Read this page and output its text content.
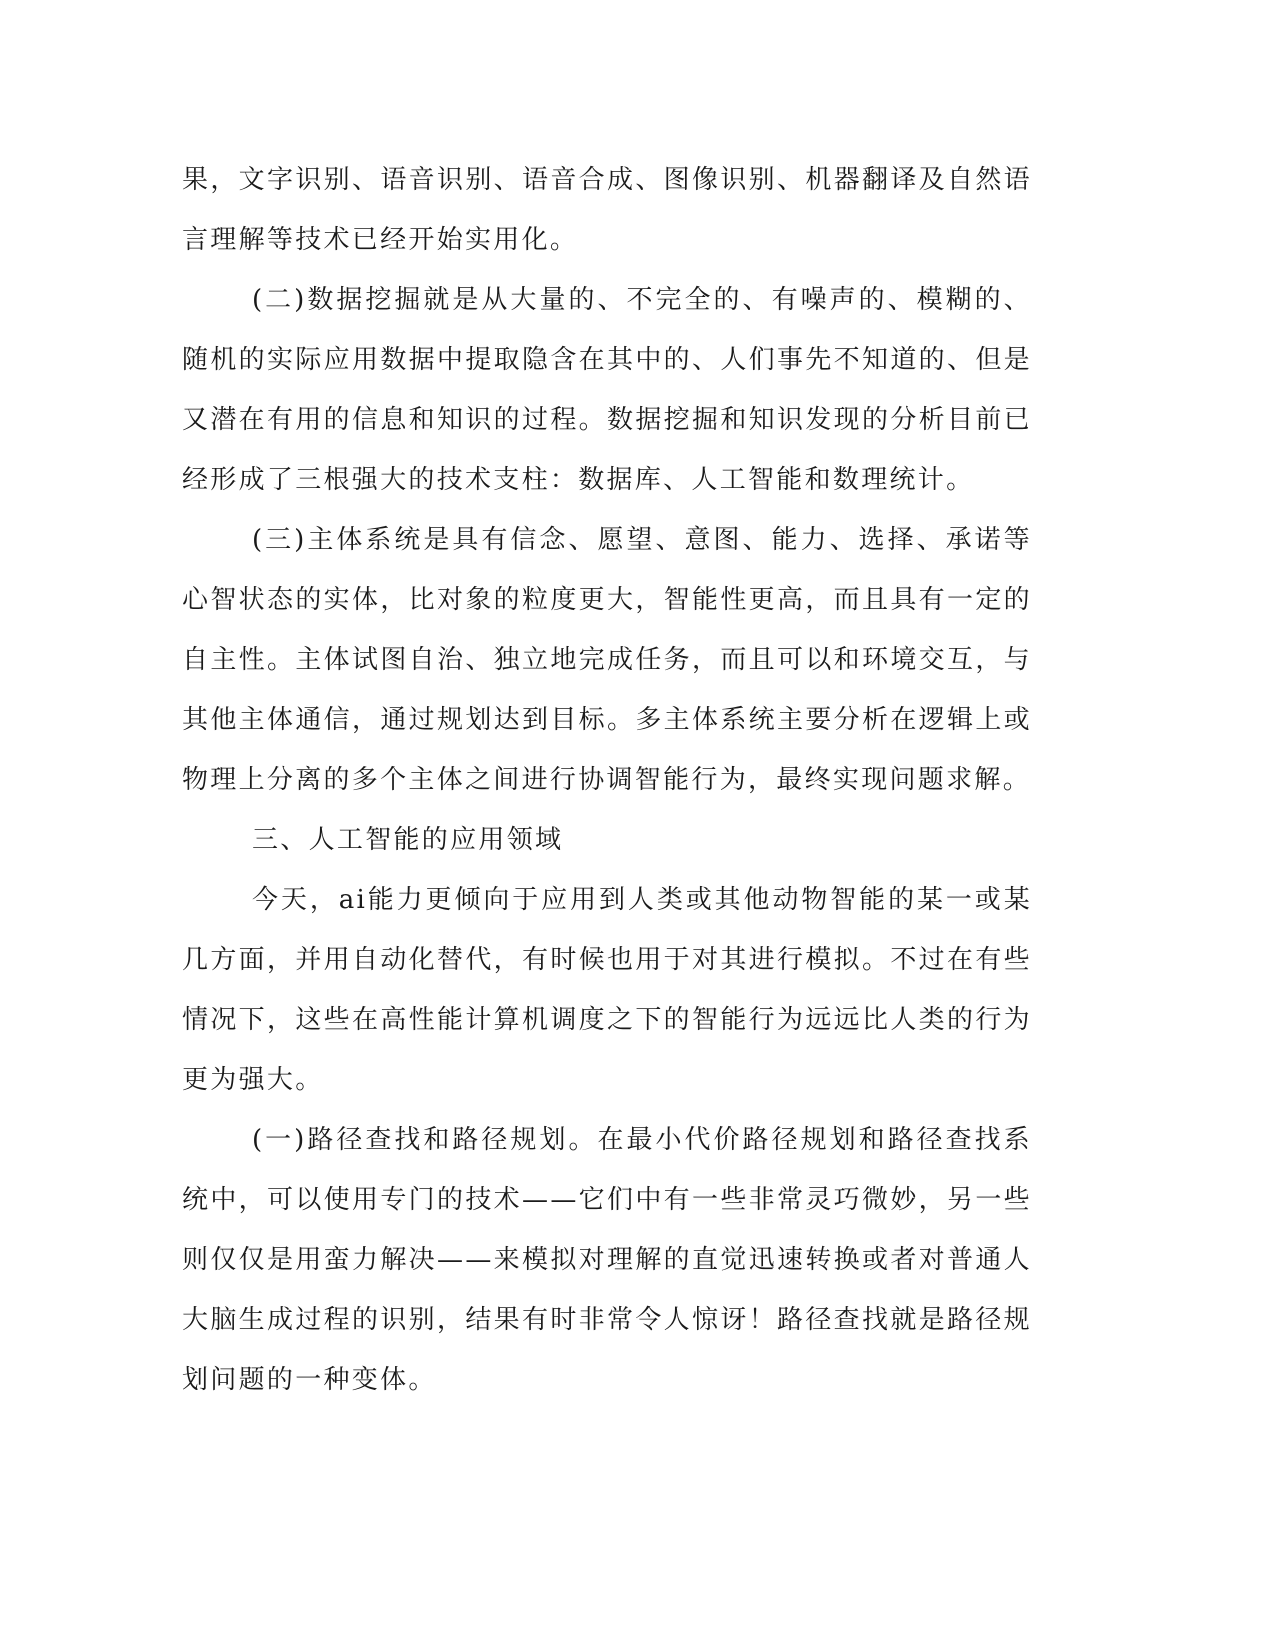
果，文字识别、语音识别、语音合成、图像识别、机器翻译及自然语言理解等技术已经开始实用化。

(二)数据挖掘就是从大量的、不完全的、有噪声的、模糊的、随机的实际应用数据中提取隐含在其中的、人们事先不知道的、但是又潜在有用的信息和知识的过程。数据挖掘和知识发现的分析目前已经形成了三根强大的技术支柱：数据库、人工智能和数理统计。

(三)主体系统是具有信念、愿望、意图、能力、选择、承诺等心智状态的实体，比对象的粒度更大，智能性更高，而且具有一定的自主性。主体试图自治、独立地完成任务，而且可以和环境交互，与其他主体通信，通过规划达到目标。多主体系统主要分析在逻辑上或物理上分离的多个主体之间进行协调智能行为，最终实现问题求解。

三、人工智能的应用领域

今天，ai能力更倾向于应用到人类或其他动物智能的某一或某几方面，并用自动化替代，有时候也用于对其进行模拟。不过在有些情况下，这些在高性能计算机调度之下的智能行为远远比人类的行为更为强大。

(一)路径查找和路径规划。在最小代价路径规划和路径查找系统中，可以使用专门的技术——它们中有一些非常灵巧微妙，另一些则仅仅是用蛮力解决——来模拟对理解的直觉迅速转换或者对普通人大脑生成过程的识别，结果有时非常令人惊讶！路径查找就是路径规划问题的一种变体。
